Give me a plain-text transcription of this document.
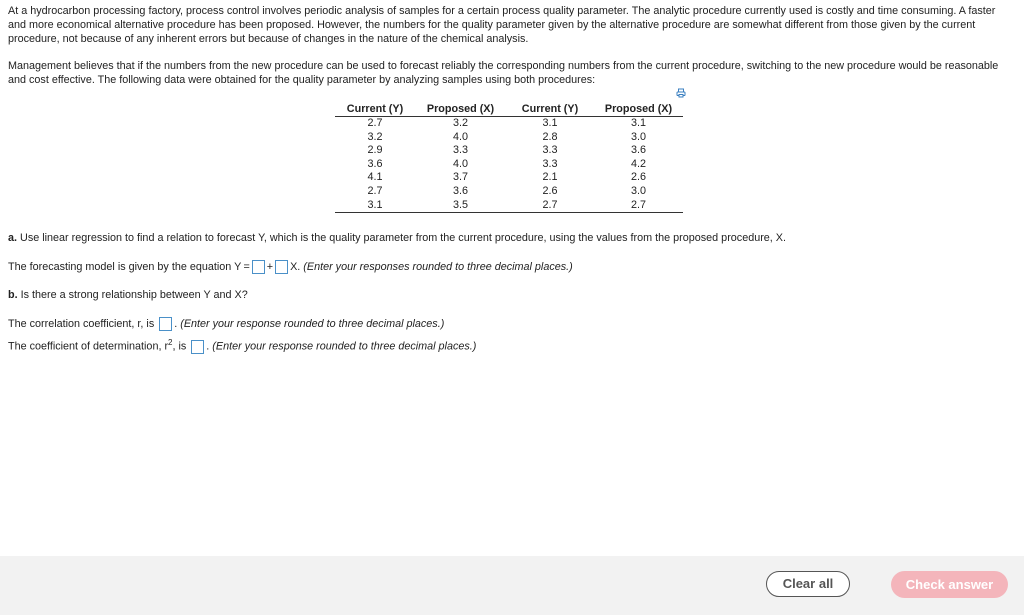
At a hydrocarbon processing factory, process control involves periodic analysis of samples for a certain process quality parameter. The analytic procedure currently used is costly and time consuming. A faster and more economical alternative procedure has been proposed. However, the numbers for the quality parameter given by the alternative procedure are somewhat different from those given by the current procedure, not because of any inherent errors but because of changes in the nature of the chemical analysis.

Management believes that if the numbers from the new procedure can be used to forecast reliably the corresponding numbers from the current procedure, switching to the new procedure would be reasonable and cost effective. The following data were obtained for the quality parameter by analyzing samples using both procedures:

Current (Y)	Proposed (X)	Current (Y)	Proposed (X)
2.7	3.2	3.1	3.1
3.2	4.0	2.8	3.0
2.9	3.3	3.3	3.6
3.6	4.0	3.3	4.2
4.1	3.7	2.1	2.6
2.7	3.6	2.6	3.0
3.1	3.5	2.7	2.7
a. Use linear regression to find a relation to forecast Y, which is the quality parameter from the current procedure, using the values from the proposed procedure, X.
The forecasting model is given by the equation Y = + X. (Enter your responses rounded to three decimal places.)
b. Is there a strong relationship between Y and X?
The correlation coefficient, r, is . (Enter your response rounded to three decimal places.)
The coefficient of determination, $r^2$, is . (Enter your response rounded to three decimal places.)
Clear all	Check answer
